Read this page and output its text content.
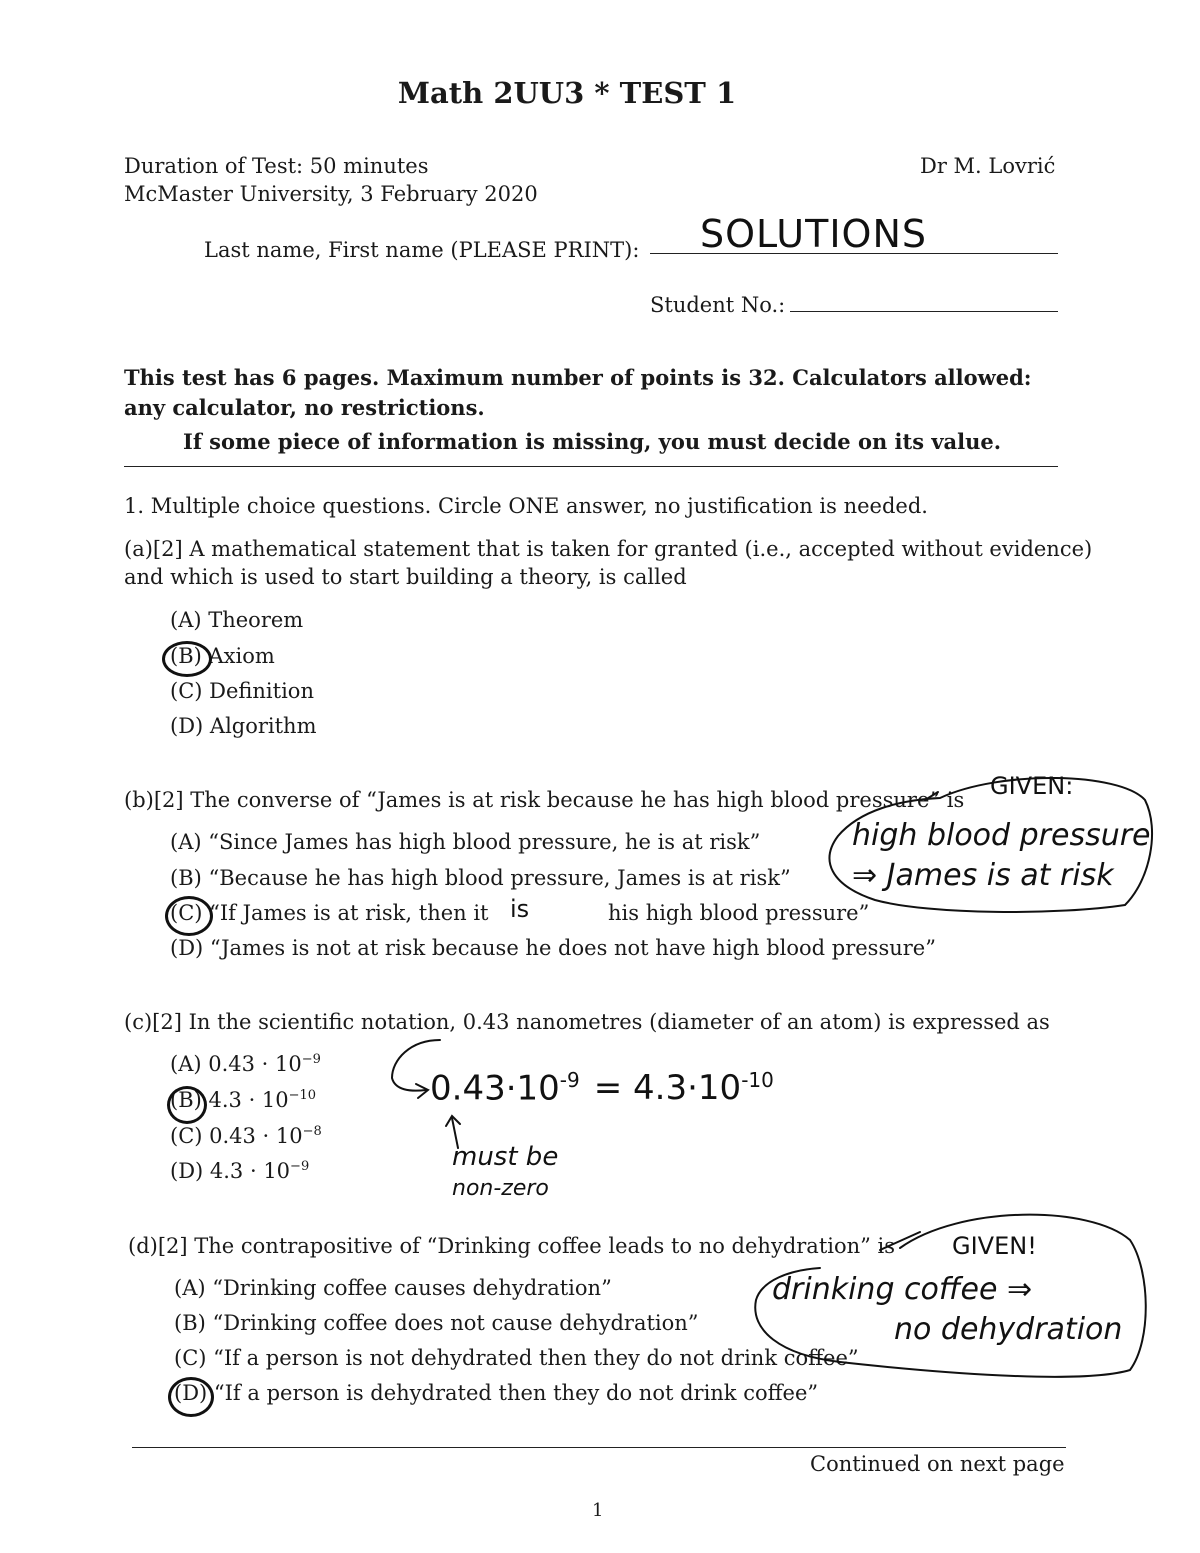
Math 2UU3 * TEST 1
Duration of Test: 50 minutes
McMaster University, 3 February 2020
Dr M. Lovrić
Last name, First name (PLEASE PRINT): SOLUTIONS
Student No.:
This test has 6 pages. Maximum number of points is 32. Calculators allowed:
any calculator, no restrictions.
If some piece of information is missing, you must decide on its value.
1. Multiple choice questions. Circle ONE answer, no justification is needed.
(a)[2] A mathematical statement that is taken for granted (i.e., accepted without evidence)
and which is used to start building a theory, is called
(A) Theorem
(B) Axiom
(C) Definition
(D) Algorithm
(b)[2] The converse of “James is at risk because he has high blood pressure” is
(A) “Since James has high blood pressure, he is at risk”
(B) “Because he has high blood pressure, James is at risk”
(C) “If James is at risk, then it	his high blood pressure”
is
(D) “James is not at risk because he does not have high blood pressure”
GIVEN:
high blood pressure
⇒ James is at risk
(c)[2] In the scientific notation, 0.43 nanometres (diameter of an atom) is expressed as
(A) $0.43 \cdot 10^{-9}$
(B) $4.3 \cdot 10^{-10}$
(C) $0.43 \cdot 10^{-8}$
(D) $4.3 \cdot 10^{-9}$
$0.43\cdot 10^{-9} = 4.3\cdot 10^{-10}$
must be
non-zero
(d)[2] The contrapositive of “Drinking coffee leads to no dehydration” is
(A) “Drinking coffee causes dehydration”
(B) “Drinking coffee does not cause dehydration”
(C) “If a person is not dehydrated then they do not drink coffee”
(D) “If a person is dehydrated then they do not drink coffee”
GIVEN!
drinking coffee ⇒
no dehydration
Continued on next page
1
